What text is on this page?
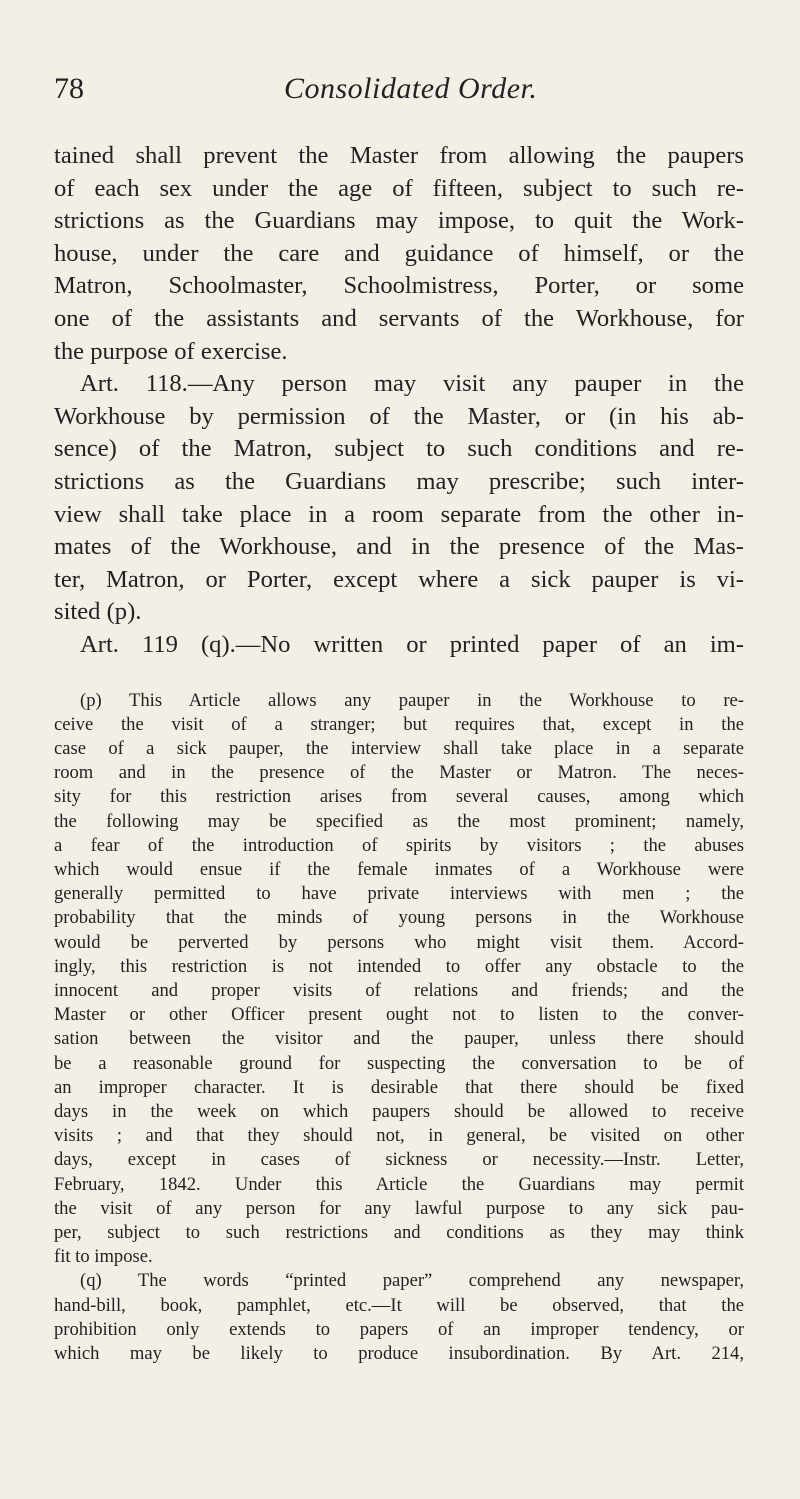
78	Consolidated Order.
tained shall prevent the Master from allowing the paupers
of each sex under the age of fifteen, subject to such re-
strictions as the Guardians may impose, to quit the Work-
house, under the care and guidance of himself, or the
Matron, Schoolmaster, Schoolmistress, Porter, or some
one of the assistants and servants of the Workhouse, for
the purpose of exercise.
Art. 118.—Any person may visit any pauper in the
Workhouse by permission of the Master, or (in his ab-
sence) of the Matron, subject to such conditions and re-
strictions as the Guardians may prescribe; such inter-
view shall take place in a room separate from the other in-
mates of the Workhouse, and in the presence of the Mas-
ter, Matron, or Porter, except where a sick pauper is vi-
sited (p).
Art. 119 (q).—No written or printed paper of an im-
(p) This Article allows any pauper in the Workhouse to re-
ceive the visit of a stranger; but requires that, except in the
case of a sick pauper, the interview shall take place in a separate
room and in the presence of the Master or Matron. The neces-
sity for this restriction arises from several causes, among which
the following may be specified as the most prominent; namely,
a fear of the introduction of spirits by visitors ; the abuses
which would ensue if the female inmates of a Workhouse were
generally permitted to have private interviews with men ; the
probability that the minds of young persons in the Workhouse
would be perverted by persons who might visit them. Accord-
ingly, this restriction is not intended to offer any obstacle to the
innocent and proper visits of relations and friends; and the
Master or other Officer present ought not to listen to the conver-
sation between the visitor and the pauper, unless there should
be a reasonable ground for suspecting the conversation to be of
an improper character. It is desirable that there should be fixed
days in the week on which paupers should be allowed to receive
visits ; and that they should not, in general, be visited on other
days, except in cases of sickness or necessity.—Instr. Letter,
February, 1842. Under this Article the Guardians may permit
the visit of any person for any lawful purpose to any sick pau-
per, subject to such restrictions and conditions as they may think
fit to impose.
(q) The words “printed paper” comprehend any newspaper,
hand-bill, book, pamphlet, etc.—It will be observed, that the
prohibition only extends to papers of an improper tendency, or
which may be likely to produce insubordination. By Art. 214,
